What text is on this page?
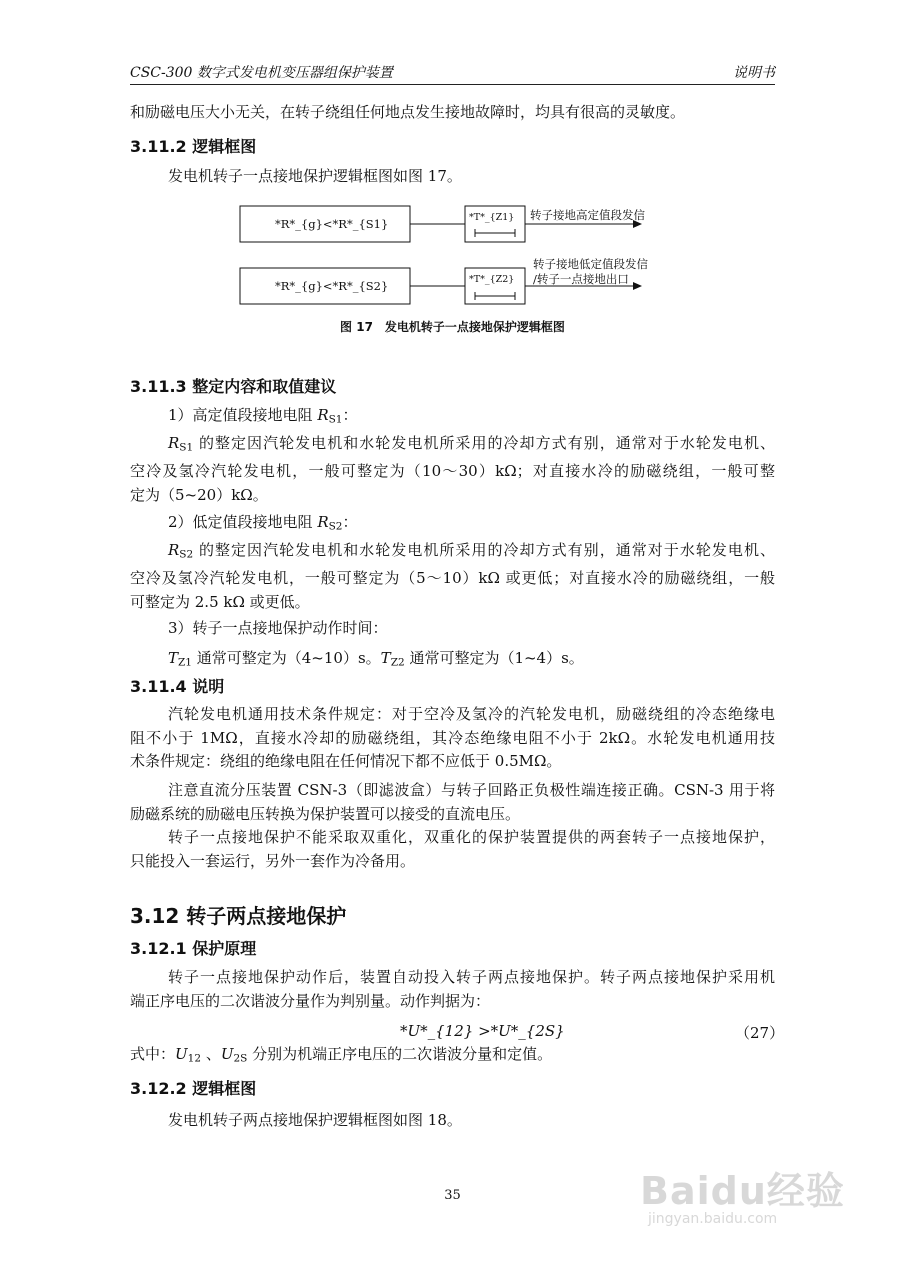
CSC-300 数字式发电机变压器组保护装置	说明书
和励磁电压大小无关，在转子绕组任何地点发生接地故障时，均具有很高的灵敏度。
3.11.2 逻辑框图
发电机转子一点接地保护逻辑框图如图 17。
*R*_{g}<*R*_{S1}	*T*_{Z1} 转子接地高定值段发信
*R*_{g}<*R*_{S2}	*T*_{Z2}
转子接地低定值段发信
/转子一点接地出口
图 17　发电机转子一点接地保护逻辑框图
3.11.3 整定内容和取值建议
1）高定值段接地电阻 $R_{S1}$：
$R_{S1}$ 的整定因汽轮发电机和水轮发电机所采用的冷却方式有别，通常对于水轮发电机、
空冷及氢冷汽轮发电机，一般可整定为（10～30）kΩ；对直接水冷的励磁绕组，一般可整
定为（5~20）kΩ。
2）低定值段接地电阻 $R_{S2}$：
$R_{S2}$ 的整定因汽轮发电机和水轮发电机所采用的冷却方式有别，通常对于水轮发电机、
空冷及氢冷汽轮发电机，一般可整定为（5～10）kΩ 或更低；对直接水冷的励磁绕组，一般
可整定为 2.5 kΩ 或更低。
3）转子一点接地保护动作时间：
$T_{Z1}$ 通常可整定为（4~10）s。$T_{Z2}$ 通常可整定为（1~4）s。
3.11.4 说明
汽轮发电机通用技术条件规定：对于空冷及氢冷的汽轮发电机，励磁绕组的冷态绝缘电
阻不小于 1MΩ，直接水冷却的励磁绕组，其冷态绝缘电阻不小于 2kΩ。水轮发电机通用技
术条件规定：绕组的绝缘电阻在任何情况下都不应低于 0.5MΩ。
注意直流分压装置 CSN-3（即滤波盒）与转子回路正负极性端连接正确。CSN-3 用于将
励磁系统的励磁电压转换为保护装置可以接受的直流电压。
转子一点接地保护不能采取双重化，双重化的保护装置提供的两套转子一点接地保护，
只能投入一套运行，另外一套作为冷备用。
3.12 转子两点接地保护
3.12.1 保护原理
转子一点接地保护动作后，装置自动投入转子两点接地保护。转子两点接地保护采用机
端正序电压的二次谐波分量作为判别量。动作判据为：
*U*_{12} >*U*_{2S}	（27）
式中：$U_{12}$ 、$U_{2S}$ 分别为机端正序电压的二次谐波分量和定值。
3.12.2 逻辑框图
发电机转子两点接地保护逻辑框图如图 18。
35	Baidu经验
jingyan.baidu.com
